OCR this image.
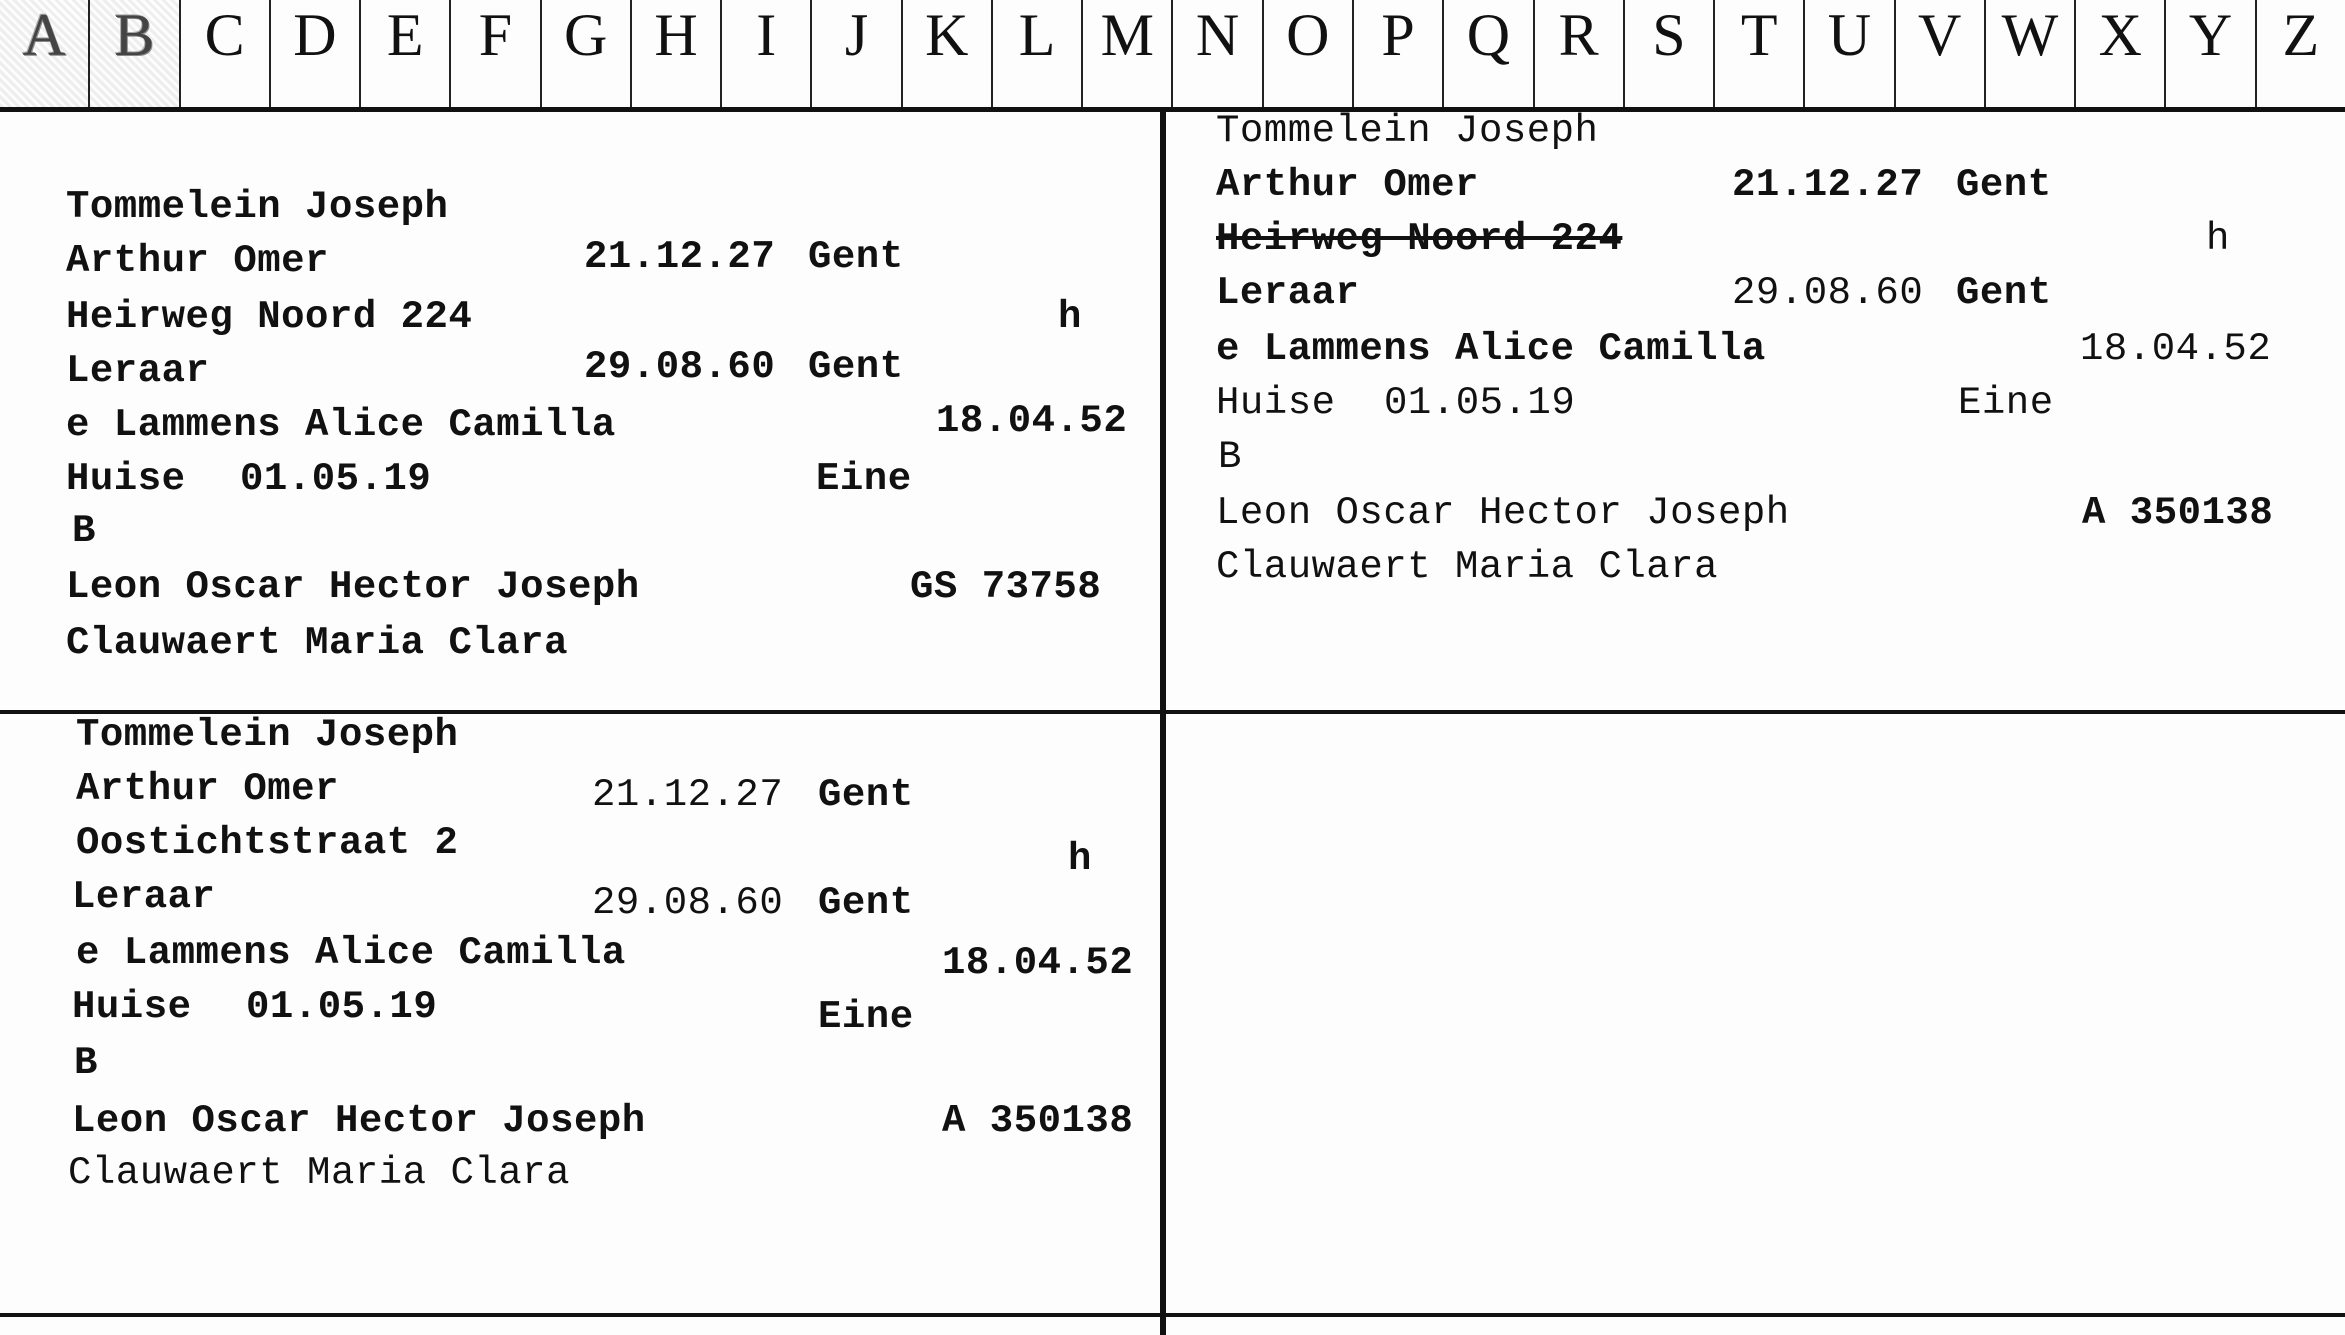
A B C D E F G H I	J K L M N O P Q R S T U V W X Y Z
Tommelein Joseph
Arthur Omer	21.12.27 Gent
Heirweg Noord 224	h
Leraar	29.08.60 Gent
e Lammens Alice Camilla	18.04.52
Huise 01.05.19	Eine
B
Leon Oscar Hector Joseph	GS 73758
Clauwaert Maria Clara
Tommelein Joseph
Arthur Omer	21.12.27 Gent
Heirweg Noord 224	h
Leraar	29.08.60 Gent
e Lammens Alice Camilla	18.04.52
Huise 01.05.19	Eine
B
Leon Oscar Hector Joseph	A 350138
Clauwaert Maria Clara
Tommelein Joseph
Arthur Omer	21.12.27 Gent
Oostichtstraat 2	h
Leraar	29.08.60 Gent
e Lammens Alice Camilla	18.04.52
Huise 01.05.19	Eine
B
Leon Oscar Hector Joseph	A 350138
Clauwaert Maria Clara
